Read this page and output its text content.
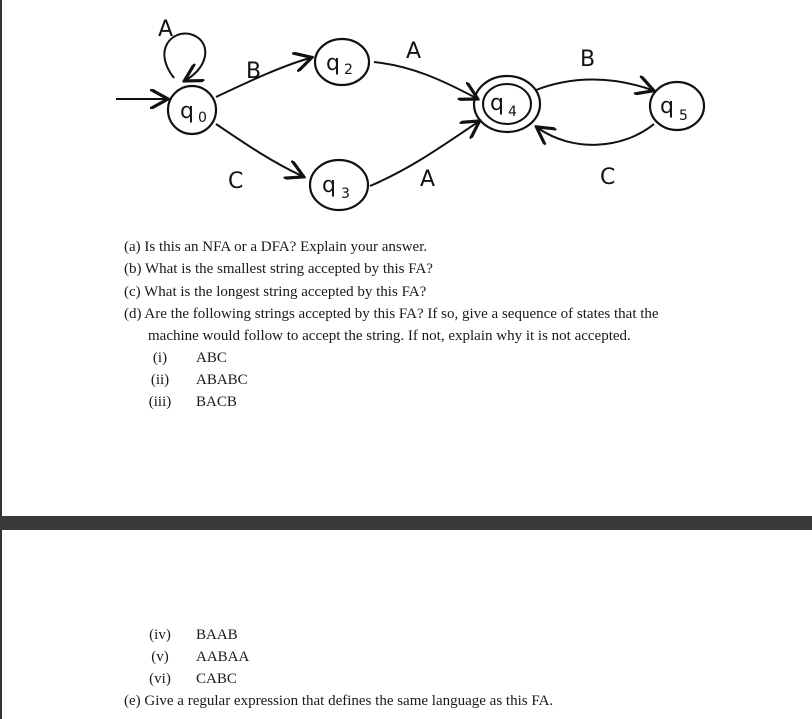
A
B
C
A
A
B
C
q 0
q 2
q 3
q 4	q 5
(a) Is this an NFA or a DFA? Explain your answer.
(b) What is the smallest string accepted by this FA?
(c) What is the longest string accepted by this FA?
(d) Are the following strings accepted by this FA? If so, give a sequence of states that the
machine would follow to accept the string. If not, explain why it is not accepted.
(i)	ABC
(ii)	ABABC
(iii)	BACB
(iv)	BAAB
(v)	AABAA
(vi)	CABC
(e) Give a regular expression that defines the same language as this FA.
